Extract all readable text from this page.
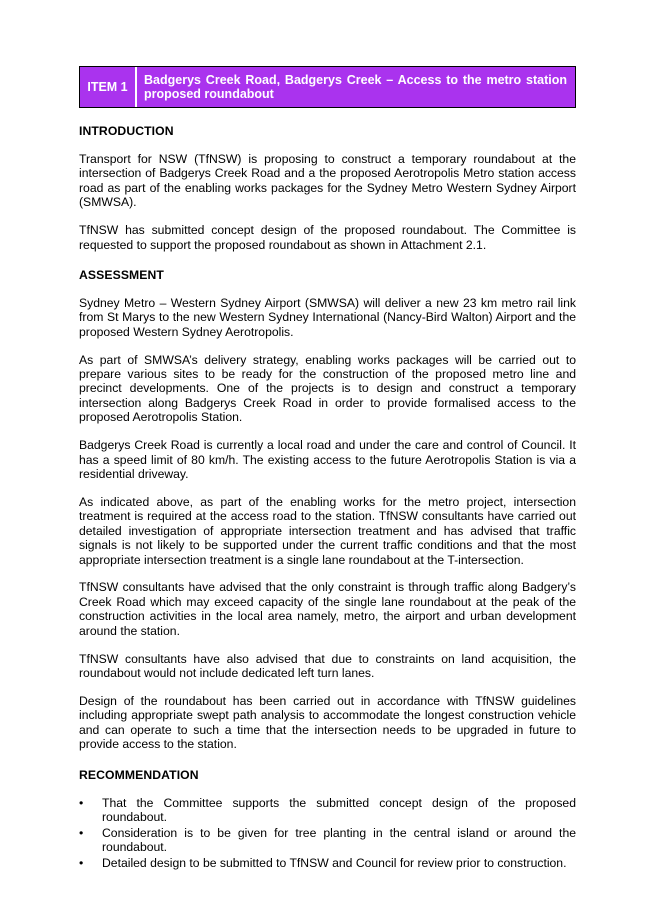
ITEM 1	Badgerys Creek Road, Badgerys Creek – Access to the metro station proposed roundabout
INTRODUCTION

Transport for NSW (TfNSW) is proposing to construct a temporary roundabout at the intersection of Badgerys Creek Road and a the proposed Aerotropolis Metro station access road as part of the enabling works packages for the Sydney Metro Western Sydney Airport (SMWSA).

TfNSW has submitted concept design of the proposed roundabout. The Committee is requested to support the proposed roundabout as shown in Attachment 2.1.

ASSESSMENT

Sydney Metro – Western Sydney Airport (SMWSA) will deliver a new 23 km metro rail link from St Marys to the new Western Sydney International (Nancy-Bird Walton) Airport and the proposed Western Sydney Aerotropolis.

As part of SMWSA’s delivery strategy, enabling works packages will be carried out to prepare various sites to be ready for the construction of the proposed metro line and precinct developments. One of the projects is to design and construct a temporary intersection along Badgerys Creek Road in order to provide formalised access to the proposed Aerotropolis Station.

Badgerys Creek Road is currently a local road and under the care and control of Council. It has a speed limit of 80 km/h. The existing access to the future Aerotropolis Station is via a residential driveway.

As indicated above, as part of the enabling works for the metro project, intersection treatment is required at the access road to the station. TfNSW consultants have carried out detailed investigation of appropriate intersection treatment and has advised that traffic signals is not likely to be supported under the current traffic conditions and that the most appropriate intersection treatment is a single lane roundabout at the T-intersection.

TfNSW consultants have advised that the only constraint is through traffic along Badgery’s Creek Road which may exceed capacity of the single lane roundabout at the peak of the construction activities in the local area namely, metro, the airport and urban development around the station.

TfNSW consultants have also advised that due to constraints on land acquisition, the roundabout would not include dedicated left turn lanes.

Design of the roundabout has been carried out in accordance with TfNSW guidelines including appropriate swept path analysis to accommodate the longest construction vehicle and can operate to such a time that the intersection needs to be upgraded in future to provide access to the station.

RECOMMENDATION
• That the Committee supports the submitted concept design of the proposed roundabout.
• Consideration is to be given for tree planting in the central island or around the roundabout.
• Detailed design to be submitted to TfNSW and Council for review prior to construction.
